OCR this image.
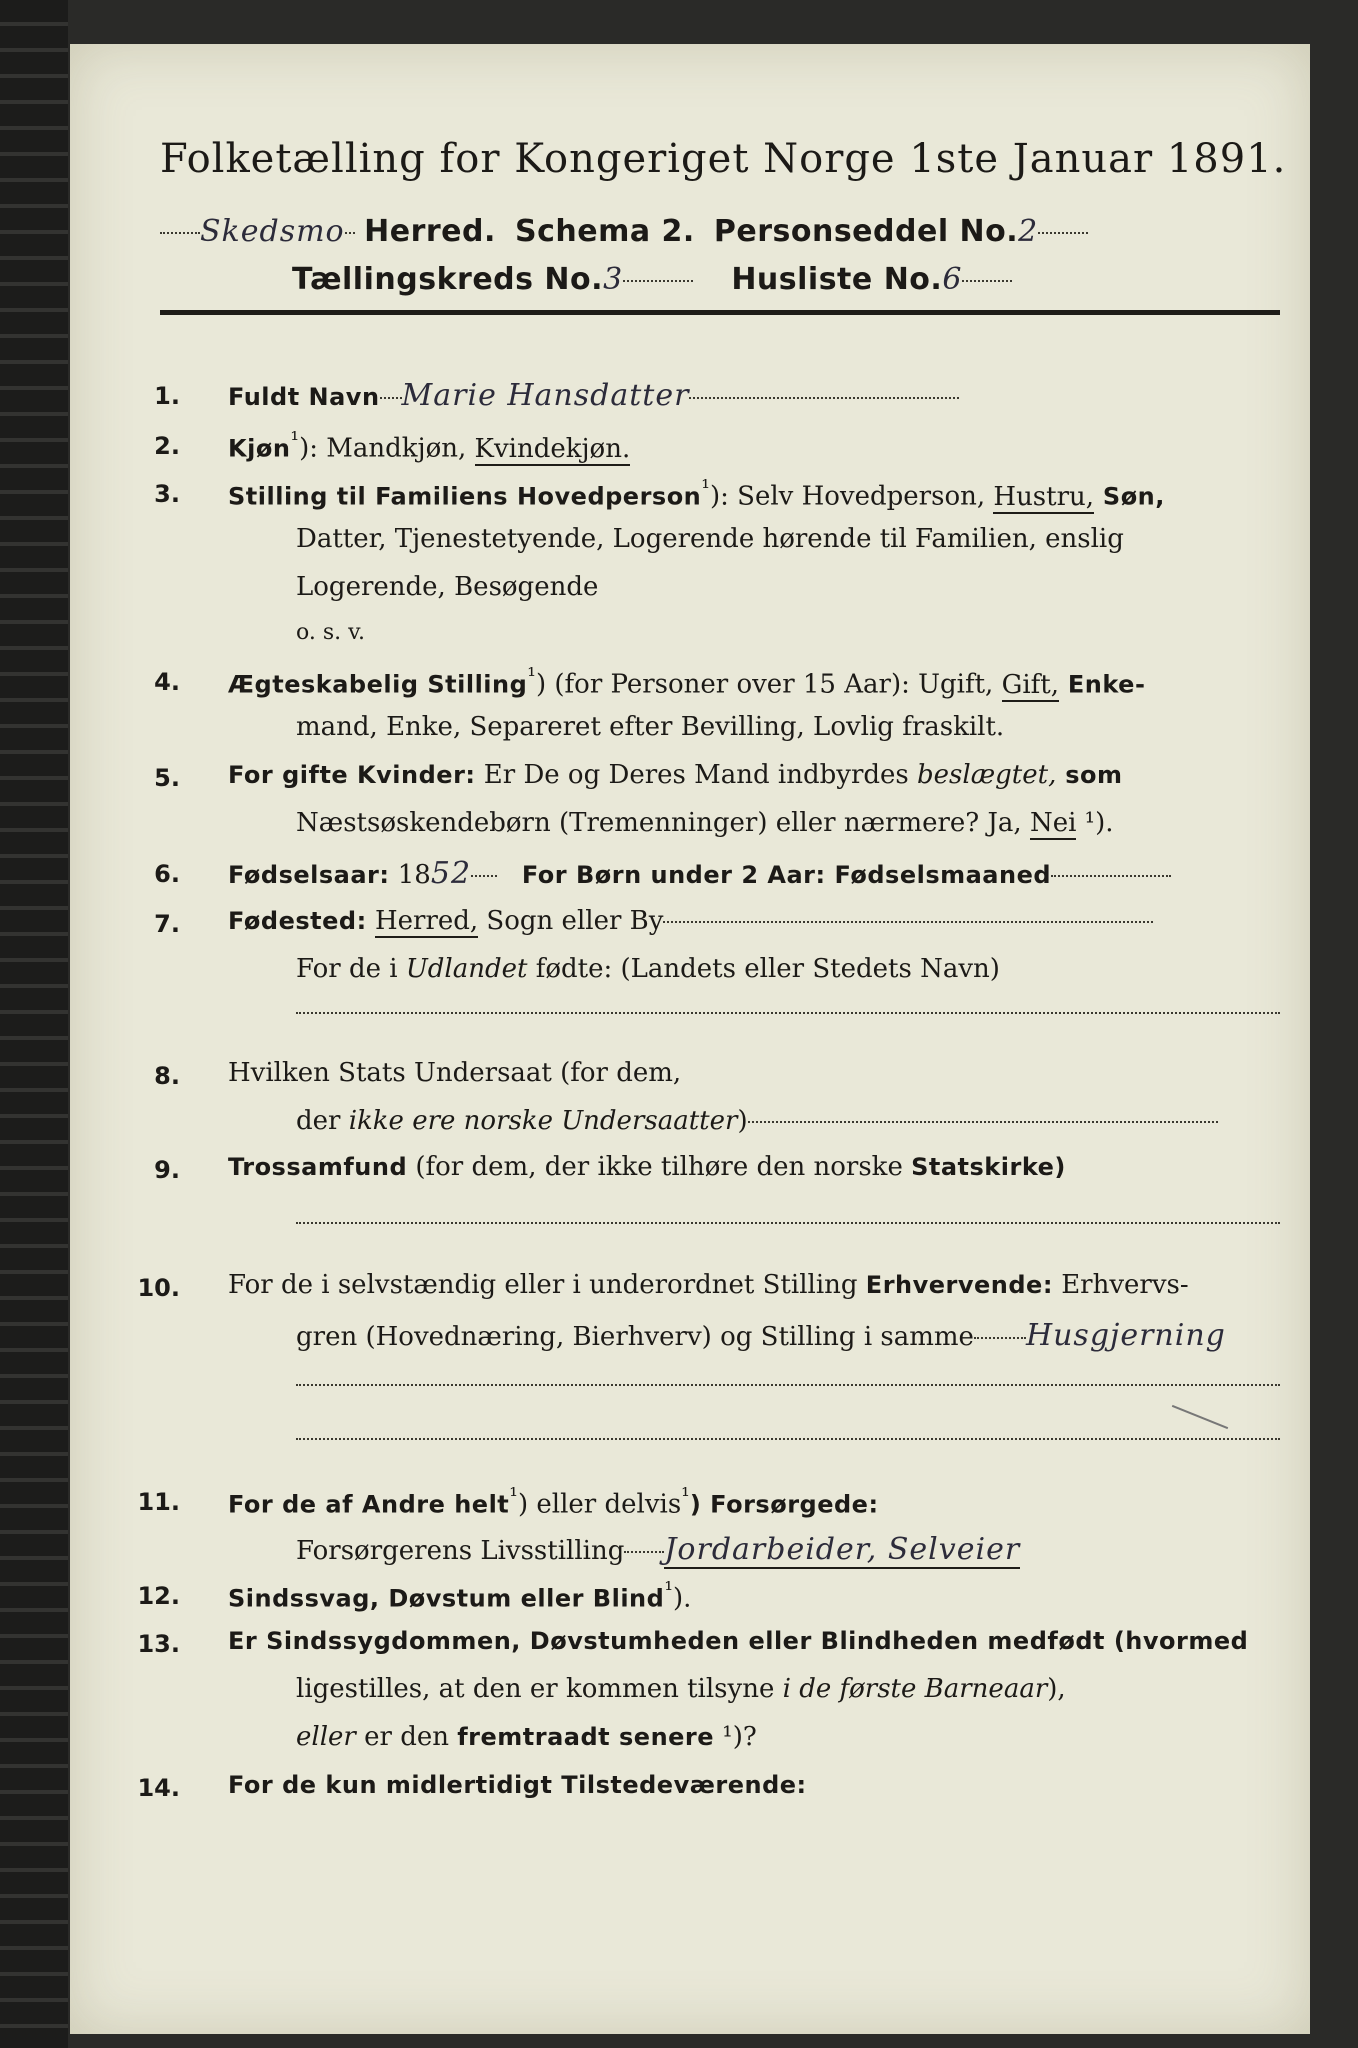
Folketælling for Kongeriget Norge 1ste Januar 1891.
Skedsmo Herred. Schema 2. Personseddel No.2
Tællingskreds No.3	Husliste No.6
1. Fuldt Navn Marie Hansdatter
2. Kjøn$^{^1}$): Mandkjøn, Kvindekjøn.
3. Stilling til Familiens Hovedperson$^{^1}$): Selv Hovedperson, Hustru, Søn,
Datter, Tjenestetyende, Logerende hørende til Familien, enslig
Logerende, Besøgende
o. s. v.
4. Ægteskabelig Stilling$^{^1}$) (for Personer over 15 Aar): Ugift, Gift, Enke-
mand, Enke, Separeret efter Bevilling, Lovlig fraskilt.
5. For gifte Kvinder: Er De og Deres Mand indbyrdes beslægtet, som
Næstsøskendebørn (Tremenninger) eller nærmere? Ja, Nei ¹).
6. Fødselsaar: 1852 For Børn under 2 Aar: Fødselsmaaned
7. Fødested: Herred, Sogn eller By
For de i Udlandet fødte: (Landets eller Stedets Navn)
8. Hvilken Stats Undersaat (for dem,
der ikke ere norske Undersaatter)
9. Trossamfund (for dem, der ikke tilhøre den norske Statskirke)
10. For de i selvstændig eller i underordnet Stilling Erhvervende: Erhvervs-
gren (Hovednæring, Bierhverv) og Stilling i samme Husgjerning
11. For de af Andre helt$^{^1}$) eller delvis$^{^1}$) Forsørgede:
Forsørgerens Livsstilling Jordarbeider, Selveier
12. Sindssvag, Døvstum eller Blind$^{^1}$).
13. Er Sindssygdommen, Døvstumheden eller Blindheden medfødt (hvormed
ligestilles, at den er kommen tilsyne i de første Barneaar),
eller er den fremtraadt senere ¹)?
14. For de kun midlertidigt Tilstedeværende:
